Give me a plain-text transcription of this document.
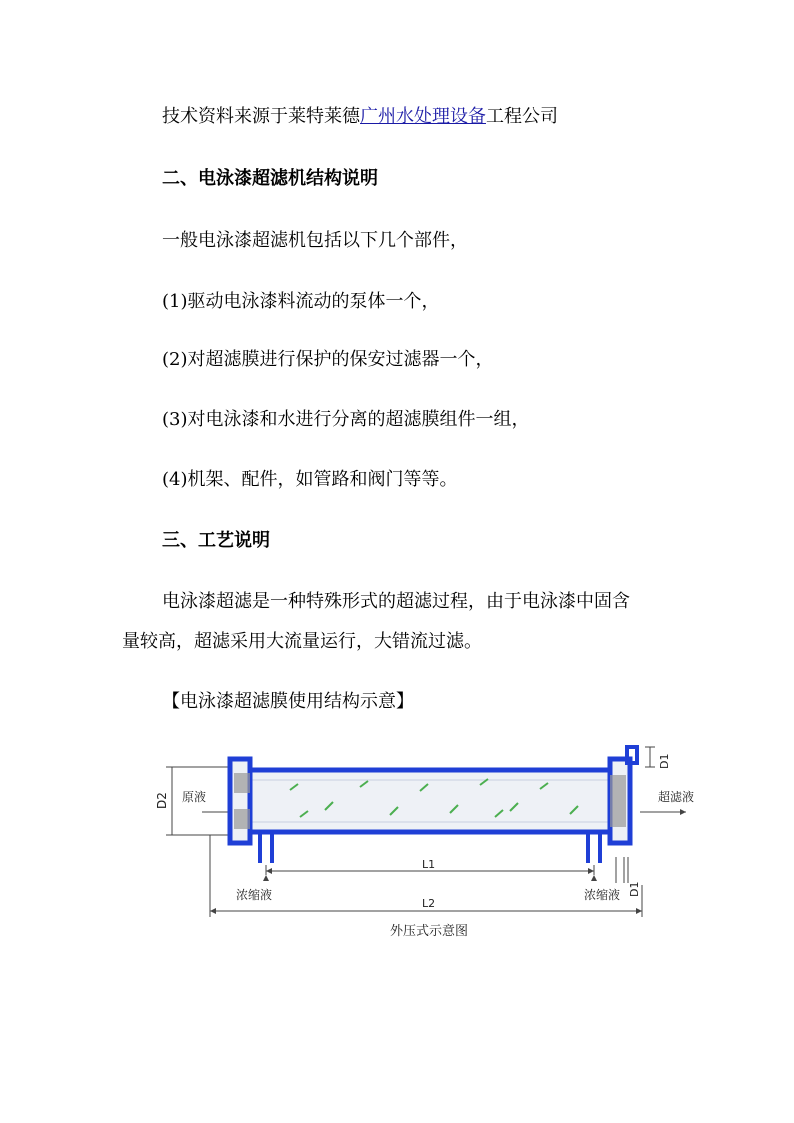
技术资料来源于莱特莱德广州水处理设备工程公司
二、电泳漆超滤机结构说明
一般电泳漆超滤机包括以下几个部件，
(1)驱动电泳漆料流动的泵体一个，
(2)对超滤膜进行保护的保安过滤器一个，
(3)对电泳漆和水进行分离的超滤膜组件一组，
(4)机架、配件，如管路和阀门等等。
三、工艺说明
电泳漆超滤是一种特殊形式的超滤过程，由于电泳漆中固含
量较高，超滤采用大流量运行，大错流过滤。
【电泳漆超滤膜使用结构示意】
D2 原液	超滤液
D1
D1
L1
L2
浓缩液	浓缩液
外压式示意图
